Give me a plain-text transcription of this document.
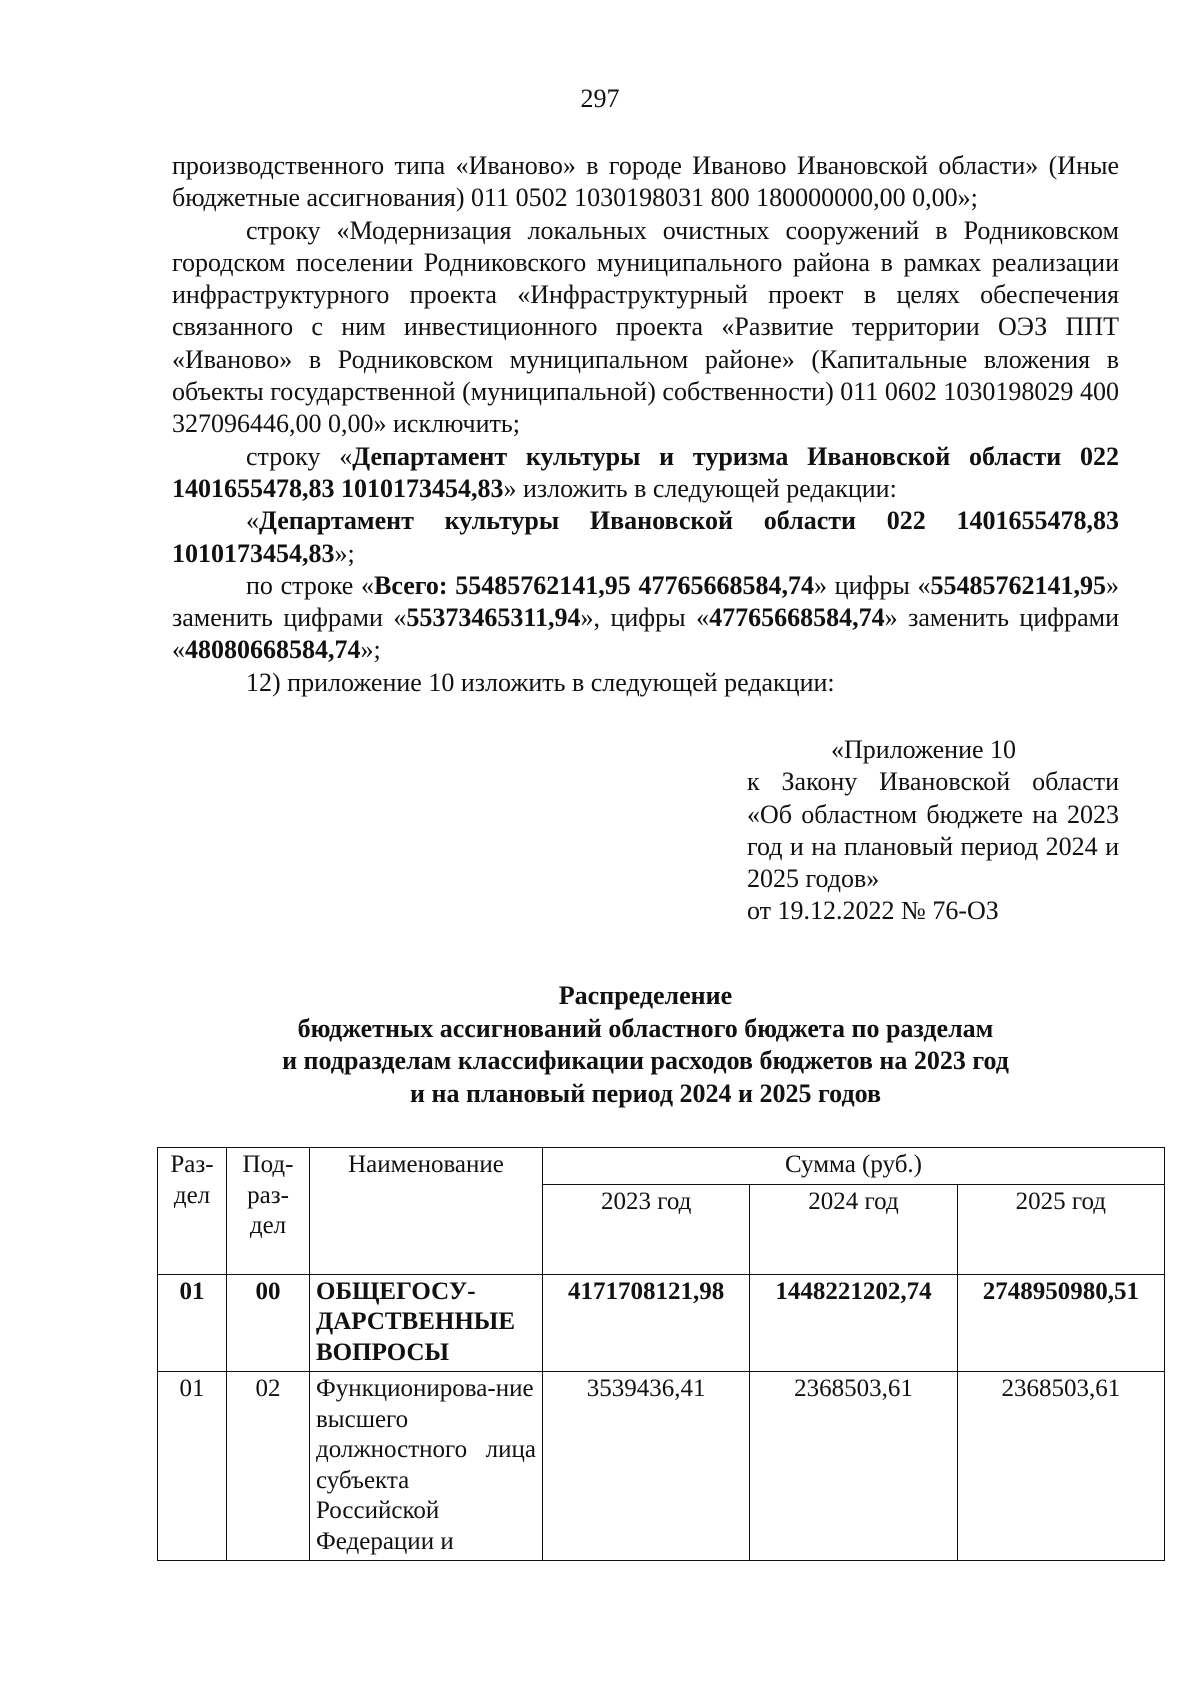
297

производственного типа «Иваново» в городе Иваново Ивановской области» (Иные бюджетные ассигнования) 011 0502 1030198031 800 180000000,00 0,00»;

строку «Модернизация локальных очистных сооружений в Родниковском городском поселении Родниковского муниципального района в рамках реализации инфраструктурного проекта «Инфраструктурный проект в целях обеспечения связанного с ним инвестиционного проекта «Развитие территории ОЭЗ ППТ «Иваново» в Родниковском муниципальном районе» (Капитальные вложения в объекты государственной (муниципальной) собственности) 011 0602 1030198029 400 327096446,00 0,00» исключить;

строку «Департамент культуры и туризма Ивановской области 022 1401655478,83 1010173454,83» изложить в следующей редакции:

«Департамент культуры Ивановской области 022 1401655478,83 1010173454,83»;

по строке «Всего: 55485762141,95 47765668584,74» цифры «55485762141,95» заменить цифрами «55373465311,94», цифры «47765668584,74» заменить цифрами «48080668584,74»;

12) приложение 10 изложить в следующей редакции:

«Приложение 10

к Закону Ивановской области «Об областном бюджете на 2023 год и на плановый период 2024 и 2025 годов»

от 19.12.2022 № 76-ОЗ

Распределение

бюджетных ассигнований областного бюджета по разделам

и подразделам классификации расходов бюджетов на 2023 год

и на плановый период 2024 и 2025 годов

Раз-дел	Под-раз-дел	Наименование	Сумма (руб.)		
			2023 год	2024 год	2025 год
01	00	ОБЩЕГОСУ-ДАРСТВЕННЫЕ ВОПРОСЫ	4171708121,98	1448221202,74	2748950980,51
01	02	Функционирова-ние высшего должностного лица субъекта Российской Федерации и	3539436,41	2368503,61	2368503,61
